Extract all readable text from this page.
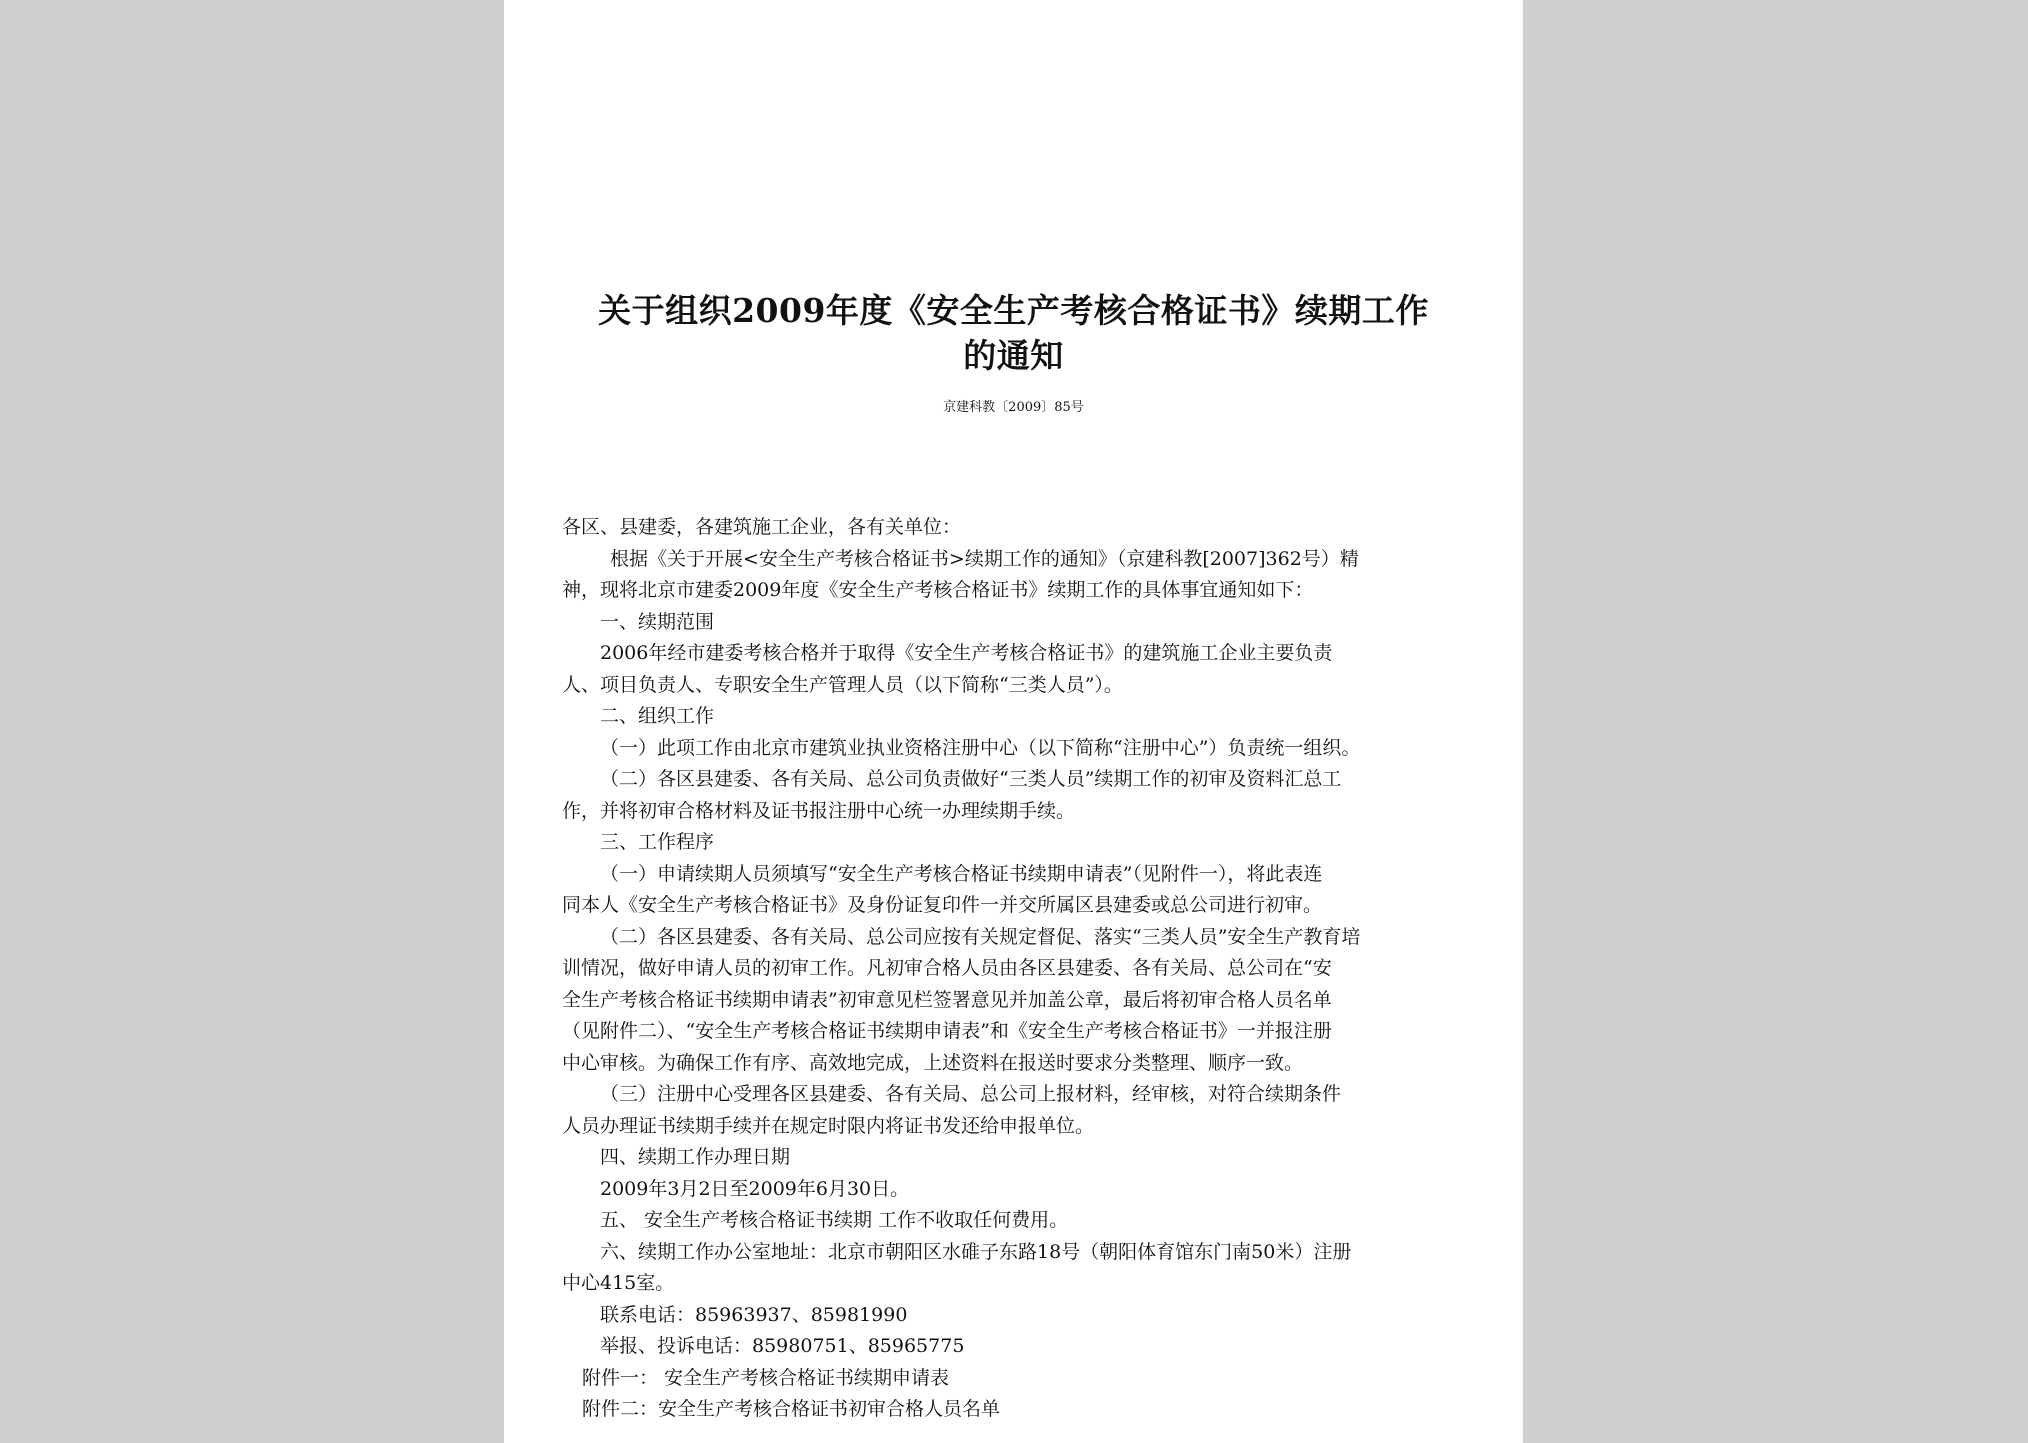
关于组织2009年度《安全生产考核合格证书》续期工作
的通知
京建科教〔2009〕85号

各区、县建委，各建筑施工企业，各有关单位：

根据《关于开展<安全生产考核合格证书>续期工作的通知》（京建科教[2007]362号）精

神，现将北京市建委2009年度《安全生产考核合格证书》续期工作的具体事宜通知如下：

一、续期范围

2006年经市建委考核合格并于取得《安全生产考核合格证书》的建筑施工企业主要负责

人、项目负责人、专职安全生产管理人员（以下简称“三类人员”）。

二、组织工作

（一）此项工作由北京市建筑业执业资格注册中心（以下简称“注册中心”）负责统一组织。

（二）各区县建委、各有关局、总公司负责做好“三类人员”续期工作的初审及资料汇总工

作，并将初审合格材料及证书报注册中心统一办理续期手续。

三、工作程序

（一）申请续期人员须填写“安全生产考核合格证书续期申请表”（见附件一），将此表连

同本人《安全生产考核合格证书》及身份证复印件一并交所属区县建委或总公司进行初审。

（二）各区县建委、各有关局、总公司应按有关规定督促、落实“三类人员”安全生产教育培

训情况，做好申请人员的初审工作。凡初审合格人员由各区县建委、各有关局、总公司在“安

全生产考核合格证书续期申请表”初审意见栏签署意见并加盖公章，最后将初审合格人员名单

（见附件二）、“安全生产考核合格证书续期申请表”和《安全生产考核合格证书》一并报注册

中心审核。为确保工作有序、高效地完成，上述资料在报送时要求分类整理、顺序一致。

（三）注册中心受理各区县建委、各有关局、总公司上报材料，经审核，对符合续期条件

人员办理证书续期手续并在规定时限内将证书发还给申报单位。

四、续期工作办理日期

2009年3月2日至2009年6月30日。

五、 安全生产考核合格证书续期 工作不收取任何费用。

六、续期工作办公室地址：北京市朝阳区水碓子东路18号（朝阳体育馆东门南50米）注册

中心415室。

联系电话：85963937、85981990

举报、投诉电话：85980751、85965775

附件一： 安全生产考核合格证书续期申请表

附件二：安全生产考核合格证书初审合格人员名单
